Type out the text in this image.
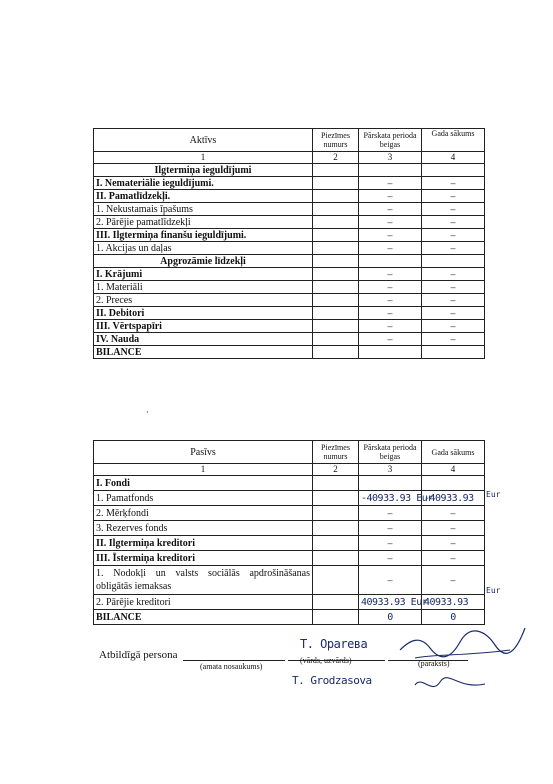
Aktīvs	Piezīmes numurs	Pārskata perioda beigas	Gada sākums
1	2	3	4
Ilgtermiņa ieguldījumi			
I. Nemateriālie ieguldījumi.		–	–
II. Pamatlīdzekļi.		–	–
1. Nekustamais īpašums		–	–
2. Pārējie pamatlīdzekļi		–	–
III. Ilgtermiņa finanšu ieguldījumi.		–	–
1. Akcijas un daļas		–	–
Apgrozāmie līdzekļi			
I. Krājumi		–	–
1. Materiāli		–	–
2. Preces		–	–
II. Debitori		–	–
III. Vērtspapīri		–	–
IV. Nauda		–	–
BILANCE			
,
Pasīvs	Piezīmes numurs	Pārskata perioda beigas	Gada sākums
1	2	3	4
I. Fondi			
1. Pamatfonds		-40933.93 Eur	-40933.93
2. Mērķfondi		–	–
3. Rezerves fonds		–	–
II. Ilgtermiņa kreditori		–	–
III. Īstermiņa kreditori		–	–
1. Nodokļi un valsts sociālās apdrošināšanas obligātās iemaksas		–	–
2. Pārējie kreditori		40933.93 Eur	40933.93
BILANCE		0	0
Eur
Eur
Atbildīgā persona
(amata nosaukums)
(vārds, uzvārds)	(paraksts)
T. Oparева
T. Grodzasova
